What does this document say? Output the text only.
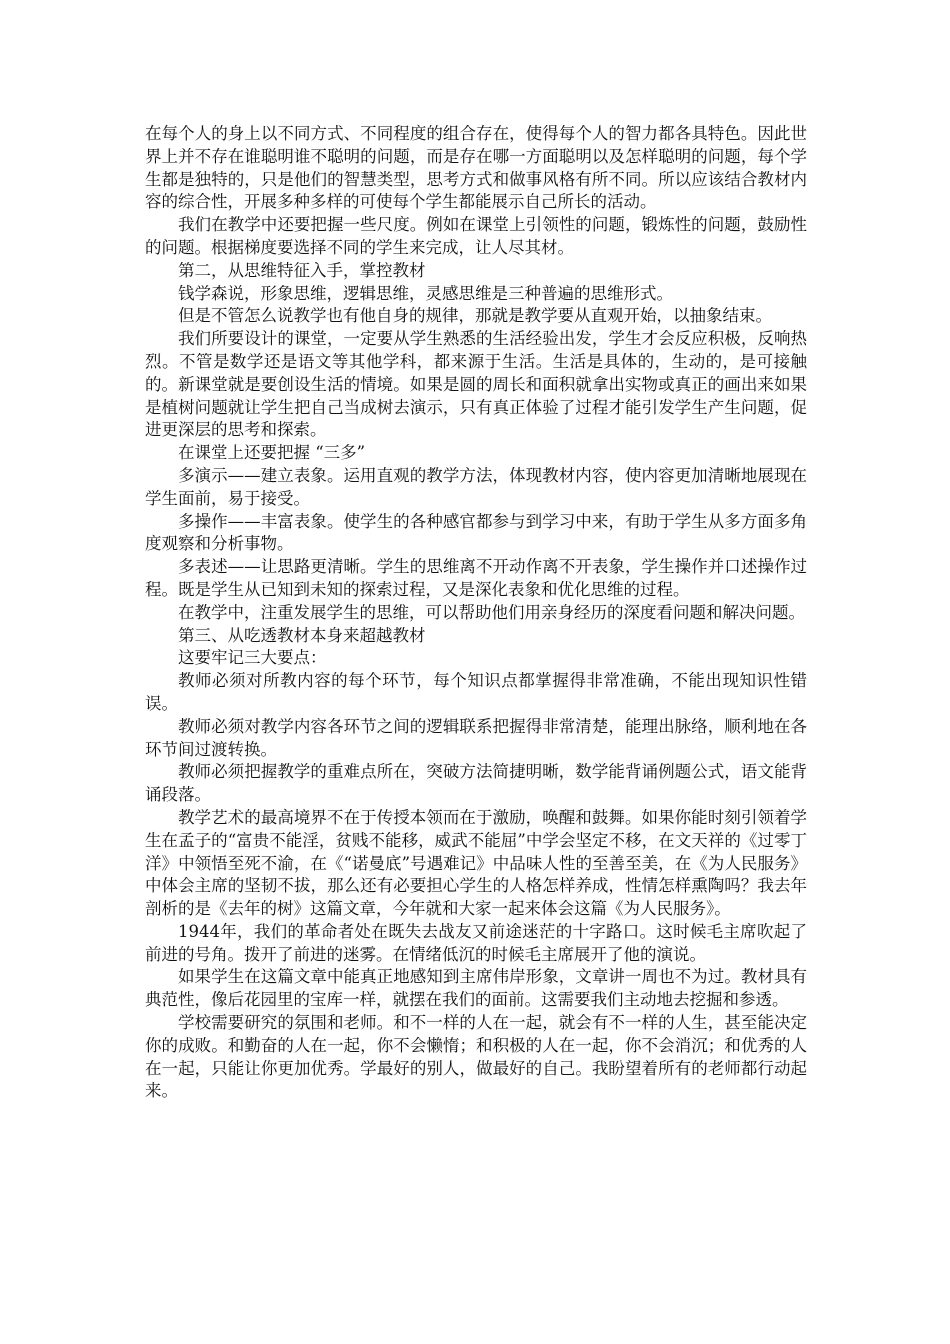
在每个人的身上以不同方式、不同程度的组合存在，使得每个人的智力都各具特色。因此世界上并不存在谁聪明谁不聪明的问题，而是存在哪一方面聪明以及怎样聪明的问题，每个学生都是独特的，只是他们的智慧类型，思考方式和做事风格有所不同。所以应该结合教材内容的综合性，开展多种多样的可使每个学生都能展示自己所长的活动。

我们在教学中还要把握一些尺度。例如在课堂上引领性的问题，锻炼性的问题，鼓励性的问题。根据梯度要选择不同的学生来完成，让人尽其材。

第二，从思维特征入手，掌控教材

钱学森说，形象思维，逻辑思维，灵感思维是三种普遍的思维形式。

但是不管怎么说教学也有他自身的规律，那就是教学要从直观开始，以抽象结束。

我们所要设计的课堂，一定要从学生熟悉的生活经验出发，学生才会反应积极，反响热烈。不管是数学还是语文等其他学科，都来源于生活。生活是具体的，生动的，是可接触的。新课堂就是要创设生活的情境。如果是圆的周长和面积就拿出实物或真正的画出来如果是植树问题就让学生把自己当成树去演示，只有真正体验了过程才能引发学生产生问题，促进更深层的思考和探索。

在课堂上还要把握 “三多”

多演示——建立表象。运用直观的教学方法，体现教材内容，使内容更加清晰地展现在学生面前，易于接受。

多操作——丰富表象。使学生的各种感官都参与到学习中来，有助于学生从多方面多角度观察和分析事物。

多表述——让思路更清晰。学生的思维离不开动作离不开表象，学生操作并口述操作过程。既是学生从已知到未知的探索过程，又是深化表象和优化思维的过程。

在教学中，注重发展学生的思维，可以帮助他们用亲身经历的深度看问题和解决问题。

第三、从吃透教材本身来超越教材

这要牢记三大要点：

教师必须对所教内容的每个环节，每个知识点都掌握得非常准确，不能出现知识性错误。

教师必须对教学内容各环节之间的逻辑联系把握得非常清楚，能理出脉络，顺利地在各环节间过渡转换。

教师必须把握教学的重难点所在，突破方法简捷明晰，数学能背诵例题公式，语文能背诵段落。

教学艺术的最高境界不在于传授本领而在于激励，唤醒和鼓舞。如果你能时刻引领着学生在孟子的“富贵不能淫，贫贱不能移，威武不能屈”中学会坚定不移，在文天祥的《过零丁洋》中领悟至死不渝，在《“诺曼底”号遇难记》中品味人性的至善至美，在《为人民服务》中体会主席的坚韧不拔，那么还有必要担心学生的人格怎样养成，性情怎样熏陶吗？我去年剖析的是《去年的树》这篇文章，今年就和大家一起来体会这篇《为人民服务》。

1944年，我们的革命者处在既失去战友又前途迷茫的十字路口。这时候毛主席吹起了前进的号角。拨开了前进的迷雾。在情绪低沉的时候毛主席展开了他的演说。

如果学生在这篇文章中能真正地感知到主席伟岸形象，文章讲一周也不为过。教材具有典范性，像后花园里的宝库一样，就摆在我们的面前。这需要我们主动地去挖掘和参透。

学校需要研究的氛围和老师。和不一样的人在一起，就会有不一样的人生，甚至能决定你的成败。和勤奋的人在一起，你不会懒惰；和积极的人在一起，你不会消沉；和优秀的人在一起，只能让你更加优秀。学最好的别人，做最好的自己。我盼望着所有的老师都行动起来。
